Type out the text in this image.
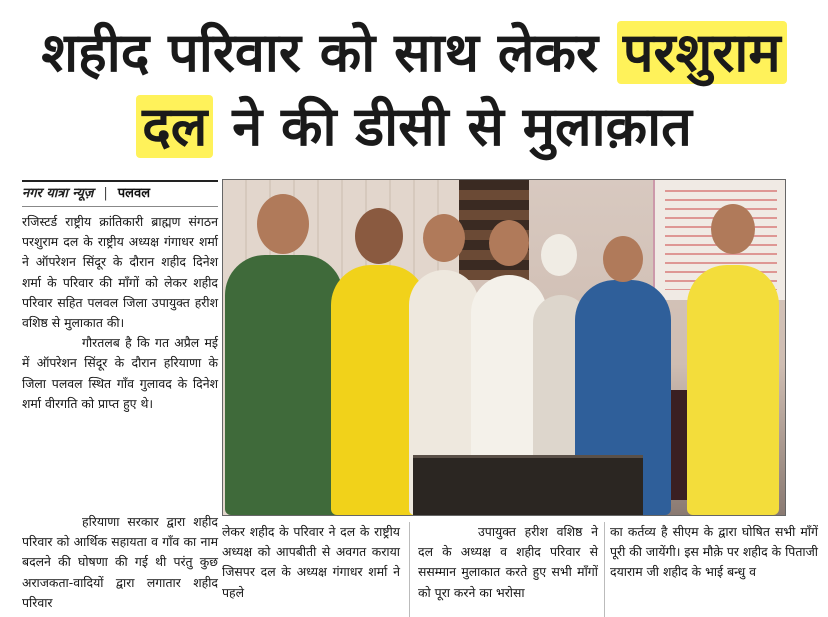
शहीद परिवार को साथ लेकर परशुराम
दल ने की डीसी से मुलाक़ात
नगर यात्रा न्यूज़ | पलवल

रजिस्टर्ड राष्ट्रीय क्रांतिकारी ब्राह्मण संगठन परशुराम दल के राष्ट्रीय अध्यक्ष गंगाधर शर्मा ने ऑपरेशन सिंदूर के दौरान शहीद दिनेश शर्मा के परिवार की माँगों को लेकर शहीद परिवार सहित पलवल जिला उपायुक्त हरीश वशिष्ठ से मुलाकात की।

गौरतलब है कि गत अप्रैल मई में ऑपरेशन सिंदूर के दौरान हरियाणा के जिला पलवल स्थित गाँव गुलावद के दिनेश शर्मा वीरगति को प्राप्त हुए थे।

हरियाणा सरकार द्वारा शहीद परिवार को आर्थिक सहायता व गाँव का नाम बदलने की घोषणा की गई थी परंतु कुछ अराजकता-वादियों द्वारा लगातार शहीद परिवार

लेकर शहीद के परिवार ने दल के राष्ट्रीय अध्यक्ष को आपबीती से अवगत कराया जिसपर दल के अध्यक्ष गंगाधर शर्मा ने पहले

उपायुक्त हरीश वशिष्ठ ने दल के अध्यक्ष व शहीद परिवार से ससम्मान मुलाकात करते हुए सभी माँगों को पूरा करने का भरोसा

का कर्तव्य है सीएम के द्वारा घोषित सभी माँगें पूरी की जायेंगी। इस मौक़े पर शहीद के पिताजी दयाराम जी शहीद के भाई बन्धु व
